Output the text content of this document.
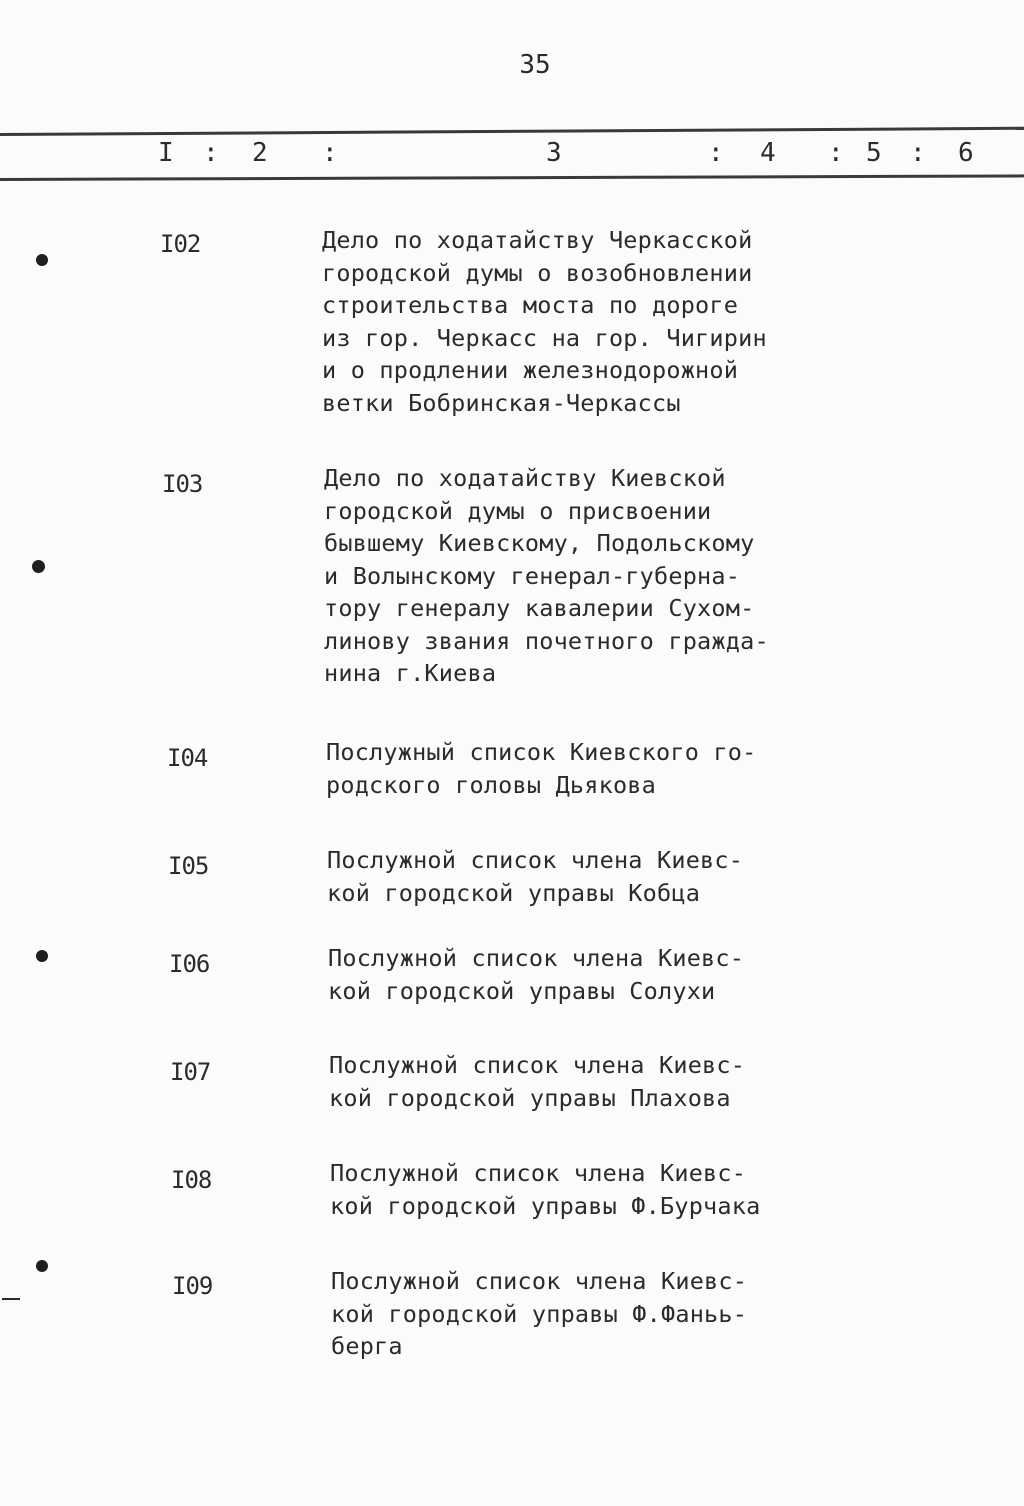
35
I : 2 :	3	: 4 : 5 : 6
I02	Дело по ходатайству Черкасской
городской думы о возобновлении
строительства моста по дороге
из гор. Черкасс на гор. Чигирин
и о продлении железнодорожной
ветки Бобринская-Черкассы
I03	Дело по ходатайству Киевской
городской думы о присвоении
бывшему Киевскому, Подольскому
и Волынскому генерал-губерна-
тору генералу кавалерии Сухом-
линову звания почетного гражда-
нина г.Киева
I04	Послужный список Киевского го-
родского головы Дьякова
I05	Послужной список члена Киевс-
кой городской управы Кобца
I06	Послужной список члена Киевс-
кой городской управы Солухи
I07	Послужной список члена Киевс-
кой городской управы Плахова
I08	Послужной список члена Киевс-
кой городской управы Ф.Бурчака
I09	Послужной список члена Киевс-
кой городской управы Ф.Фаньь-
берга
